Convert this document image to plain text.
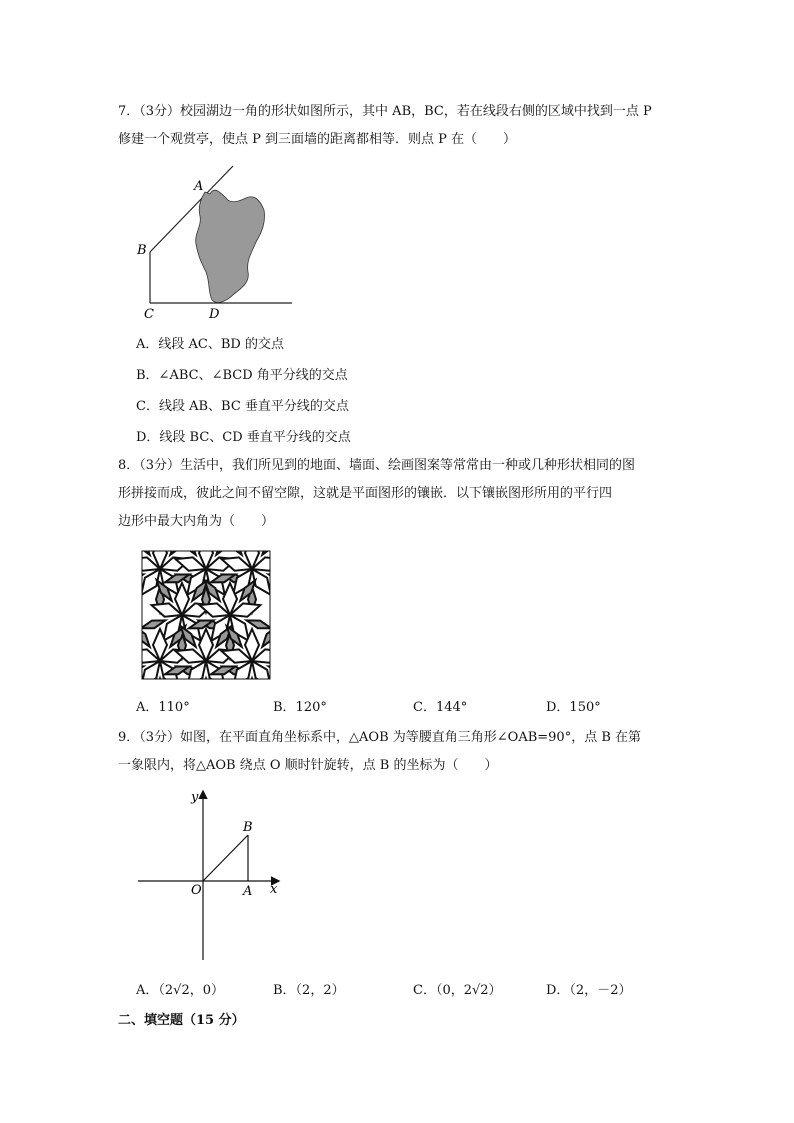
7．（3分）校园湖边一角的形状如图所示，其中 AB，BC，若在线段右侧的区域中找到一点 P
修建一个观赏亭，使点 P 到三面墙的距离都相等．则点 P 在（　　）
A
B
C	D
A．线段 AC、BD 的交点
B．∠ABC、∠BCD 角平分线的交点
C．线段 AB、BC 垂直平分线的交点
D．线段 BC、CD 垂直平分线的交点
8．（3分）生活中，我们所见到的地面、墙面、绘画图案等常常由一种或几种形状相同的图
形拼接而成，彼此之间不留空隙，这就是平面图形的镶嵌．以下镶嵌图形所用的平行四
边形中最大内角为（　　）
A．110°	B．120°	C．144°	D．150°
9．（3分）如图，在平面直角坐标系中，△AOB 为等腰直角三角形∠OAB=90°，点 B 在第
一象限内，将△AOB 绕点 O 顺时针旋转，点 B 的坐标为（　　）
y
x
O	A
B
A．（2√2，0）	B．（2，2）	C．（0，2√2）	D．（2，－2）
二、填空题（15 分）
